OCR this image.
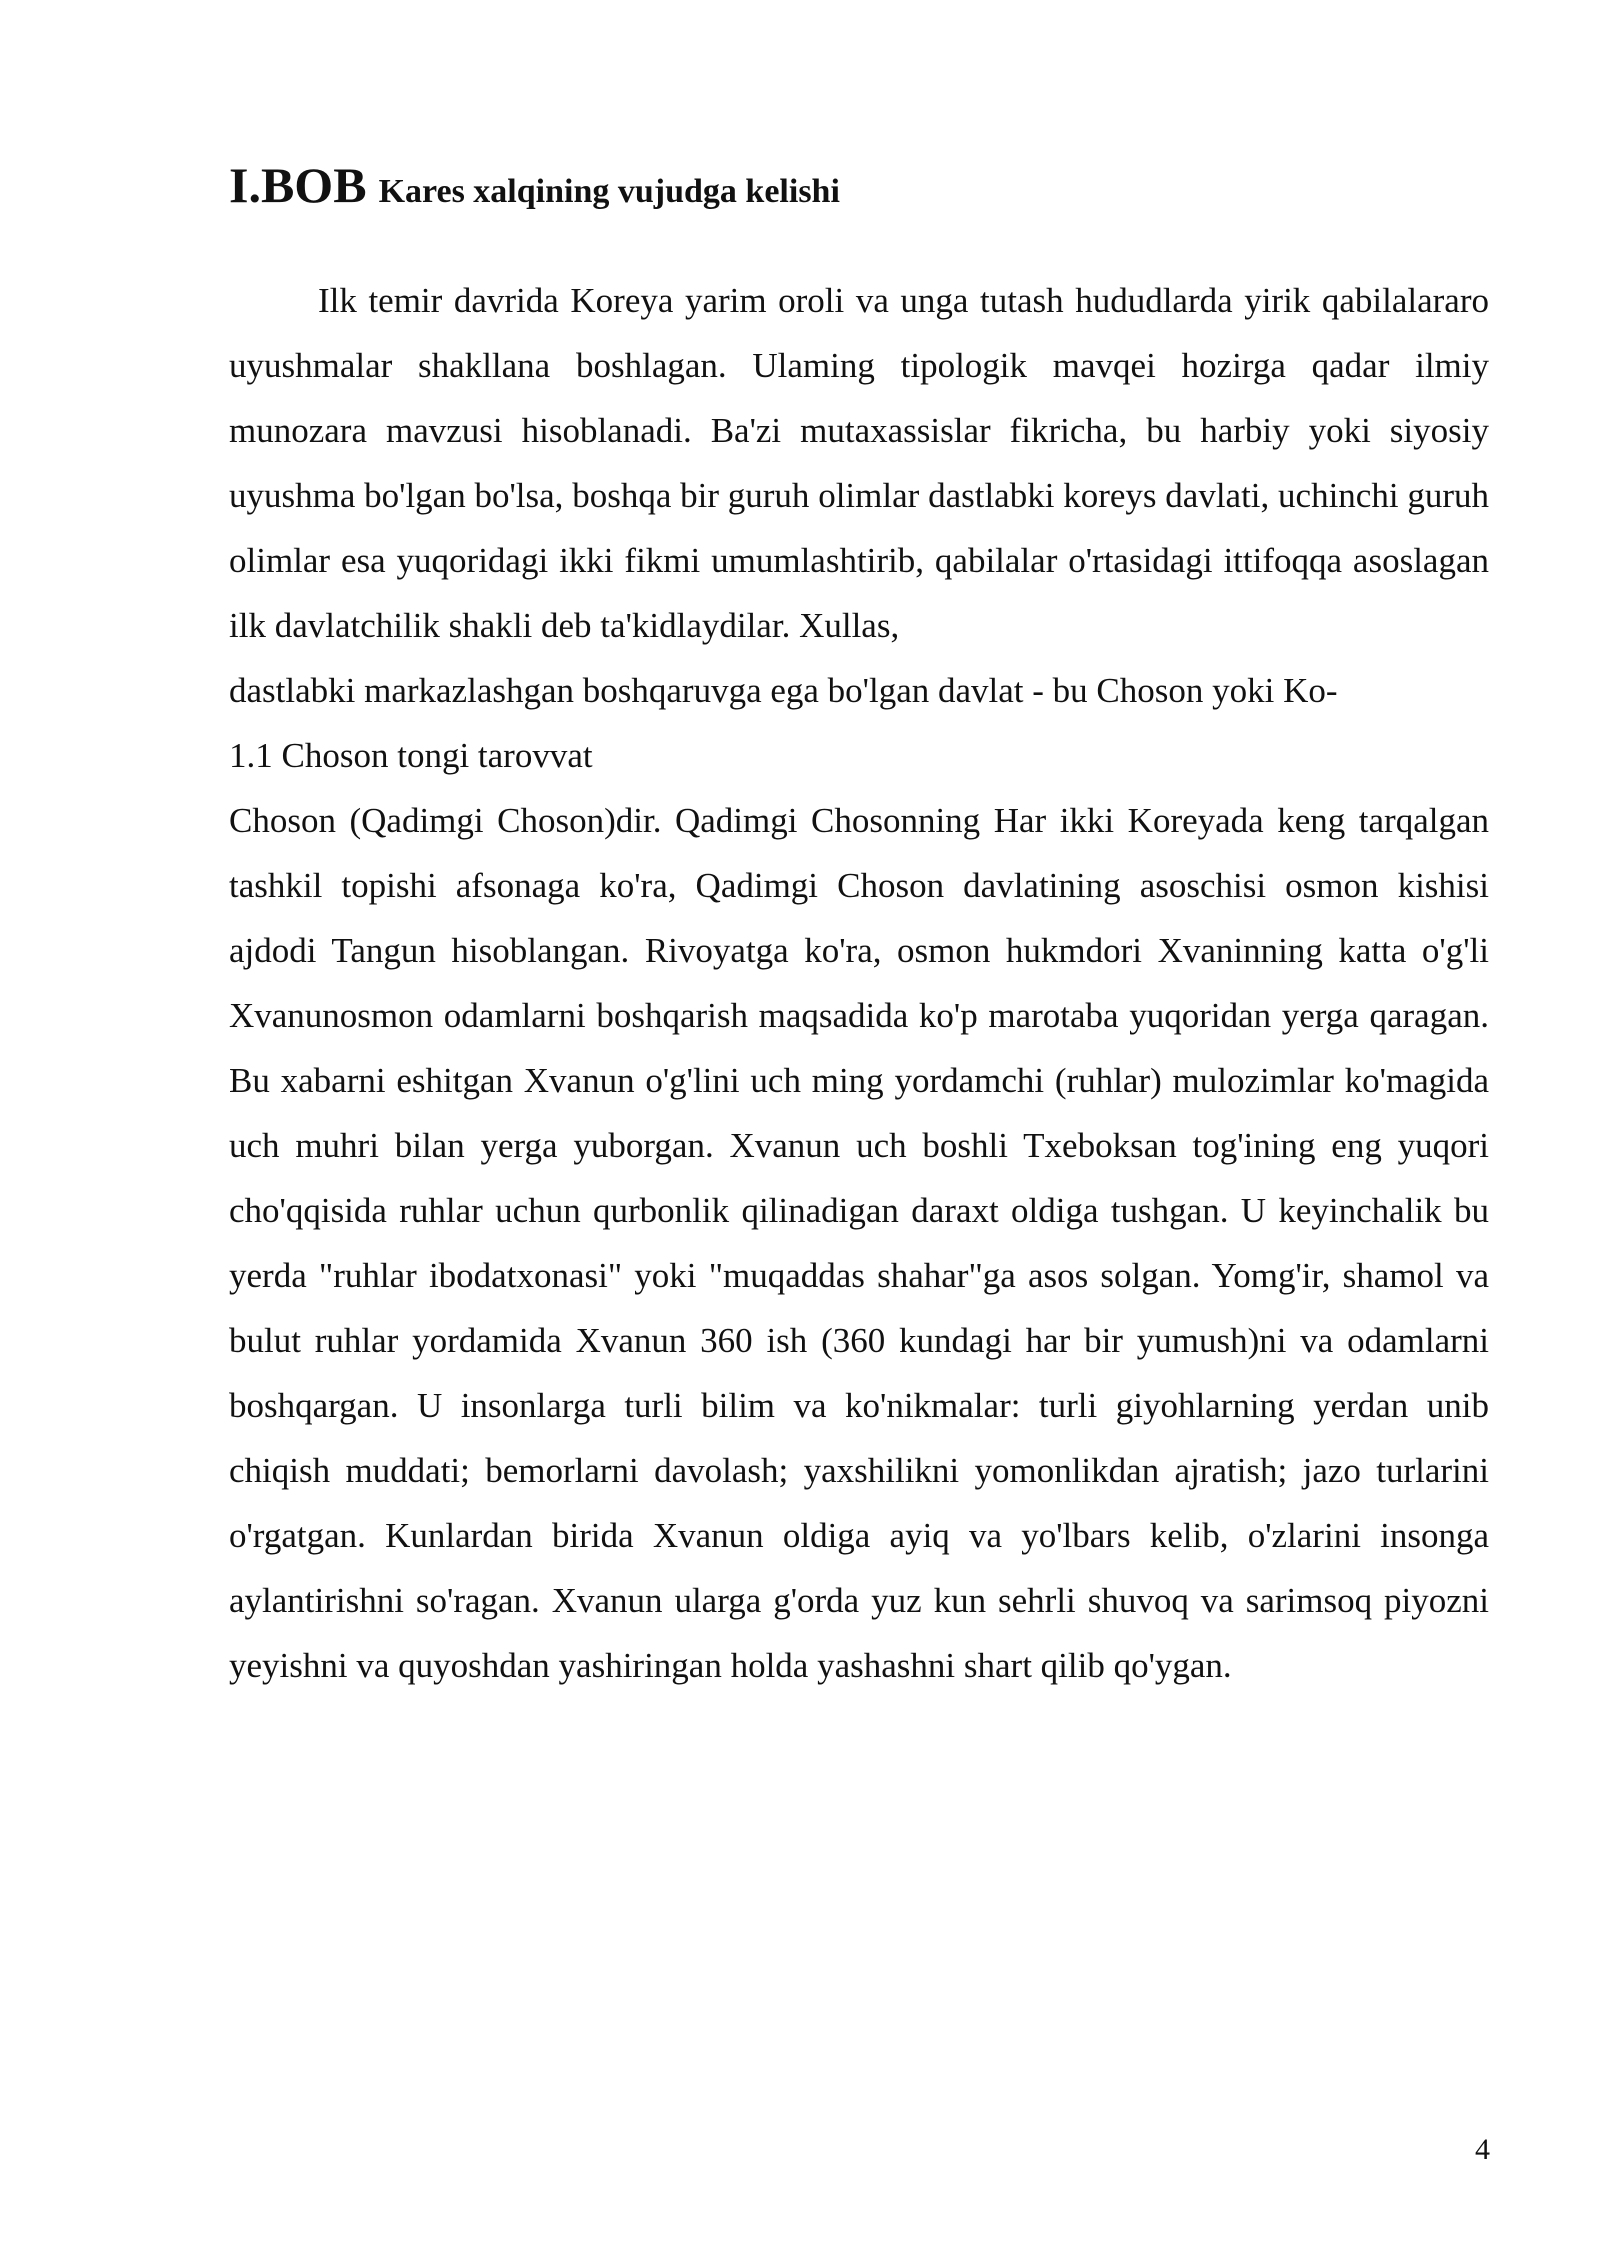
I.BOB Kares xalqining vujudga kelishi

Ilk temir davrida Koreya yarim oroli va unga tutash hududlarda yirik qabilalararo uyushmalar shakllana boshlagan. Ulaming tipologik mavqei hozirga qadar ilmiy munozara mavzusi hisoblanadi. Ba'zi mutaxassislar fikricha, bu harbiy yoki siyosiy uyushma bo'lgan bo'lsa, boshqa bir guruh olimlar dastlabki koreys davlati, uchinchi guruh olimlar esa yuqoridagi ikki fikmi umumlashtirib, qabilalar o'rtasidagi ittifoqqa asoslagan ilk davlatchilik shakli deb ta'kidlaydilar. Xullas,

dastlabki markazlashgan boshqaruvga ega bo'lgan davlat - bu Choson yoki Ko-

1.1 Choson tongi tarovvat

Choson (Qadimgi Choson)dir. Qadimgi Chosonning Har ikki Koreyada keng tarqalgan tashkil topishi afsonaga ko'ra, Qadimgi Choson davlatining asoschisi osmon kishisi ajdodi Tangun hisoblangan. Rivoyatga ko'ra, osmon hukmdori Xvaninning katta o'g'li Xvanunosmon odamlarni boshqarish maqsadida ko'p marotaba yuqoridan yerga qaragan. Bu xabarni eshitgan Xvanun o'g'lini uch ming yordamchi (ruhlar) mulozimlar ko'magida uch muhri bilan yerga yuborgan. Xvanun uch boshli Txeboksan tog'ining eng yuqori cho'qqisida ruhlar uchun qurbonlik qilinadigan daraxt oldiga tushgan. U keyinchalik bu yerda "ruhlar ibodatxonasi" yoki "muqaddas shahar"ga asos solgan. Yomg'ir, shamol va bulut ruhlar yordamida Xvanun 360 ish (360 kundagi har bir yumush)ni va odamlarni boshqargan. U insonlarga turli bilim va ko'nikmalar: turli giyohlarning yerdan unib chiqish muddati; bemorlarni davolash; yaxshilikni yomonlikdan ajratish; jazo turlarini o'rgatgan. Kunlardan birida Xvanun oldiga ayiq va yo'lbars kelib, o'zlarini insonga aylantirishni so'ragan. Xvanun ularga g'orda yuz kun sehrli shuvoq va sarimsoq piyozni yeyishni va quyoshdan yashiringan holda yashashni shart qilib qo'ygan.

4
